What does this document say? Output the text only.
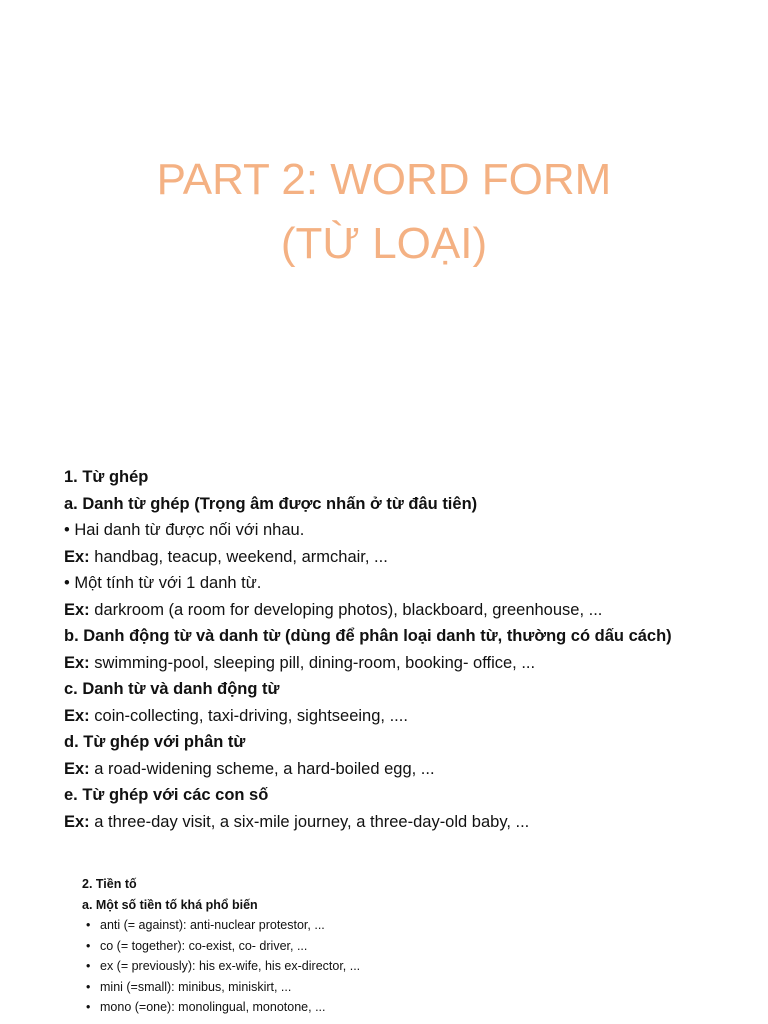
PART 2: WORD FORM
(TỪ LOẠI)
1. Từ ghép
a. Danh từ ghép (Trọng âm được nhấn ở từ đâu tiên)
• Hai danh từ được nối với nhau.
Ex: handbag, teacup, weekend, armchair, ...
• Một tính từ với 1 danh từ.
Ex: darkroom (a room for developing photos), blackboard, greenhouse, ...
b. Danh động từ và danh từ (dùng để phân loại danh từ, thường có dấu cách)
Ex: swimming-pool, sleeping pill, dining-room, booking- office, ...
c. Danh từ và danh động từ
Ex: coin-collecting, taxi-driving, sightseeing, ....
d. Từ ghép với phân từ
Ex: a road-widening scheme, a hard-boiled egg, ...
e. Từ ghép với các con số
Ex: a three-day visit, a six-mile journey, a three-day-old baby, ...
2. Tiền tố
a. Một số tiền tố khá phổ biến
• anti (= against): anti-nuclear protestor, ...
• co (= together): co-exist, co- driver, ...
• ex (= previously): his ex-wife, his ex-director, ...
• mini (=small): minibus, miniskirt, ...
• mono (=one): monolingual, monotone, ...
